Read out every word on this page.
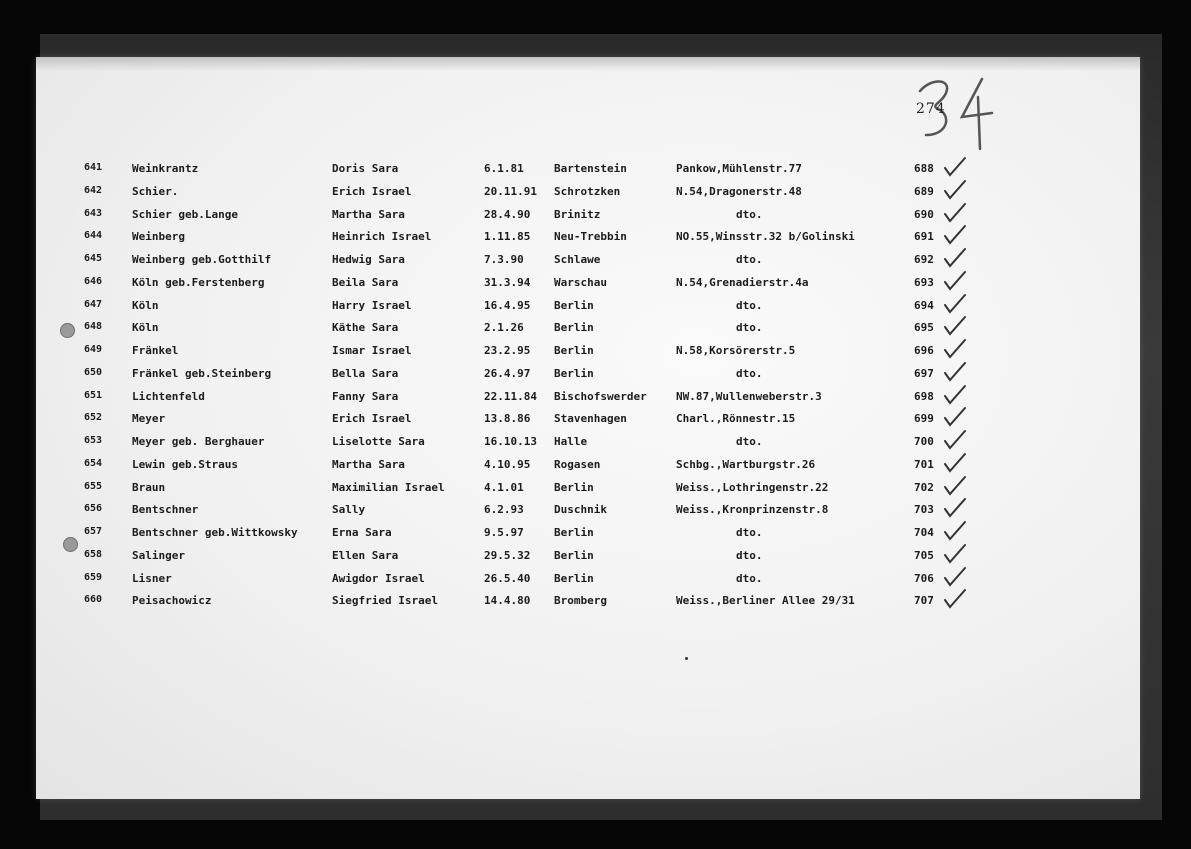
274
641	Weinkrantz	Doris Sara	6.1.81	Bartenstein	Pankow,Mühlenstr.77	688
642	Schier.	Erich Israel	20.11.91 Schrotzken	N.54,Dragonerstr.48	689
643	Schier geb.Lange	Martha Sara	28.4.90 Brinitz	dto.	690
644	Weinberg	Heinrich Israel	1.11.85 Neu-Trebbin	NO.55,Winsstr.32 b/Golinski	691
645	Weinberg geb.Gotthilf	Hedwig Sara	7.3.90	Schlawe	dto.	692
646	Köln geb.Ferstenberg	Beila Sara	31.3.94 Warschau	N.54,Grenadierstr.4a	693
647	Köln	Harry Israel	16.4.95 Berlin	dto.	694
648	Köln	Käthe Sara	2.1.26	Berlin	dto.	695
649	Fränkel	Ismar Israel	23.2.95 Berlin	N.58,Korsörerstr.5	696
650	Fränkel geb.Steinberg	Bella Sara	26.4.97 Berlin	dto.	697
651	Lichtenfeld	Fanny Sara	22.11.84 Bischofswerder	NW.87,Wullenweberstr.3	698
652	Meyer	Erich Israel	13.8.86 Stavenhagen	Charl.,Rönnestr.15	699
653	Meyer geb. Berghauer	Liselotte Sara	16.10.13 Halle	dto.	700
654	Lewin geb.Straus	Martha Sara	4.10.95 Rogasen	Schbg.,Wartburgstr.26	701
655	Braun	Maximilian Israel	4.1.01	Berlin	Weiss.,Lothringenstr.22	702
656	Bentschner	Sally	6.2.93	Duschnik	Weiss.,Kronprinzenstr.8	703
657	Bentschner geb.Wittkowsky	Erna Sara	9.5.97	Berlin	dto.	704
658	Salinger	Ellen Sara	29.5.32 Berlin	dto.	705
659	Lisner	Awigdor Israel	26.5.40 Berlin	dto.	706
660	Peisachowicz	Siegfried Israel	14.4.80 Bromberg	Weiss.,Berliner Allee 29/31	707
